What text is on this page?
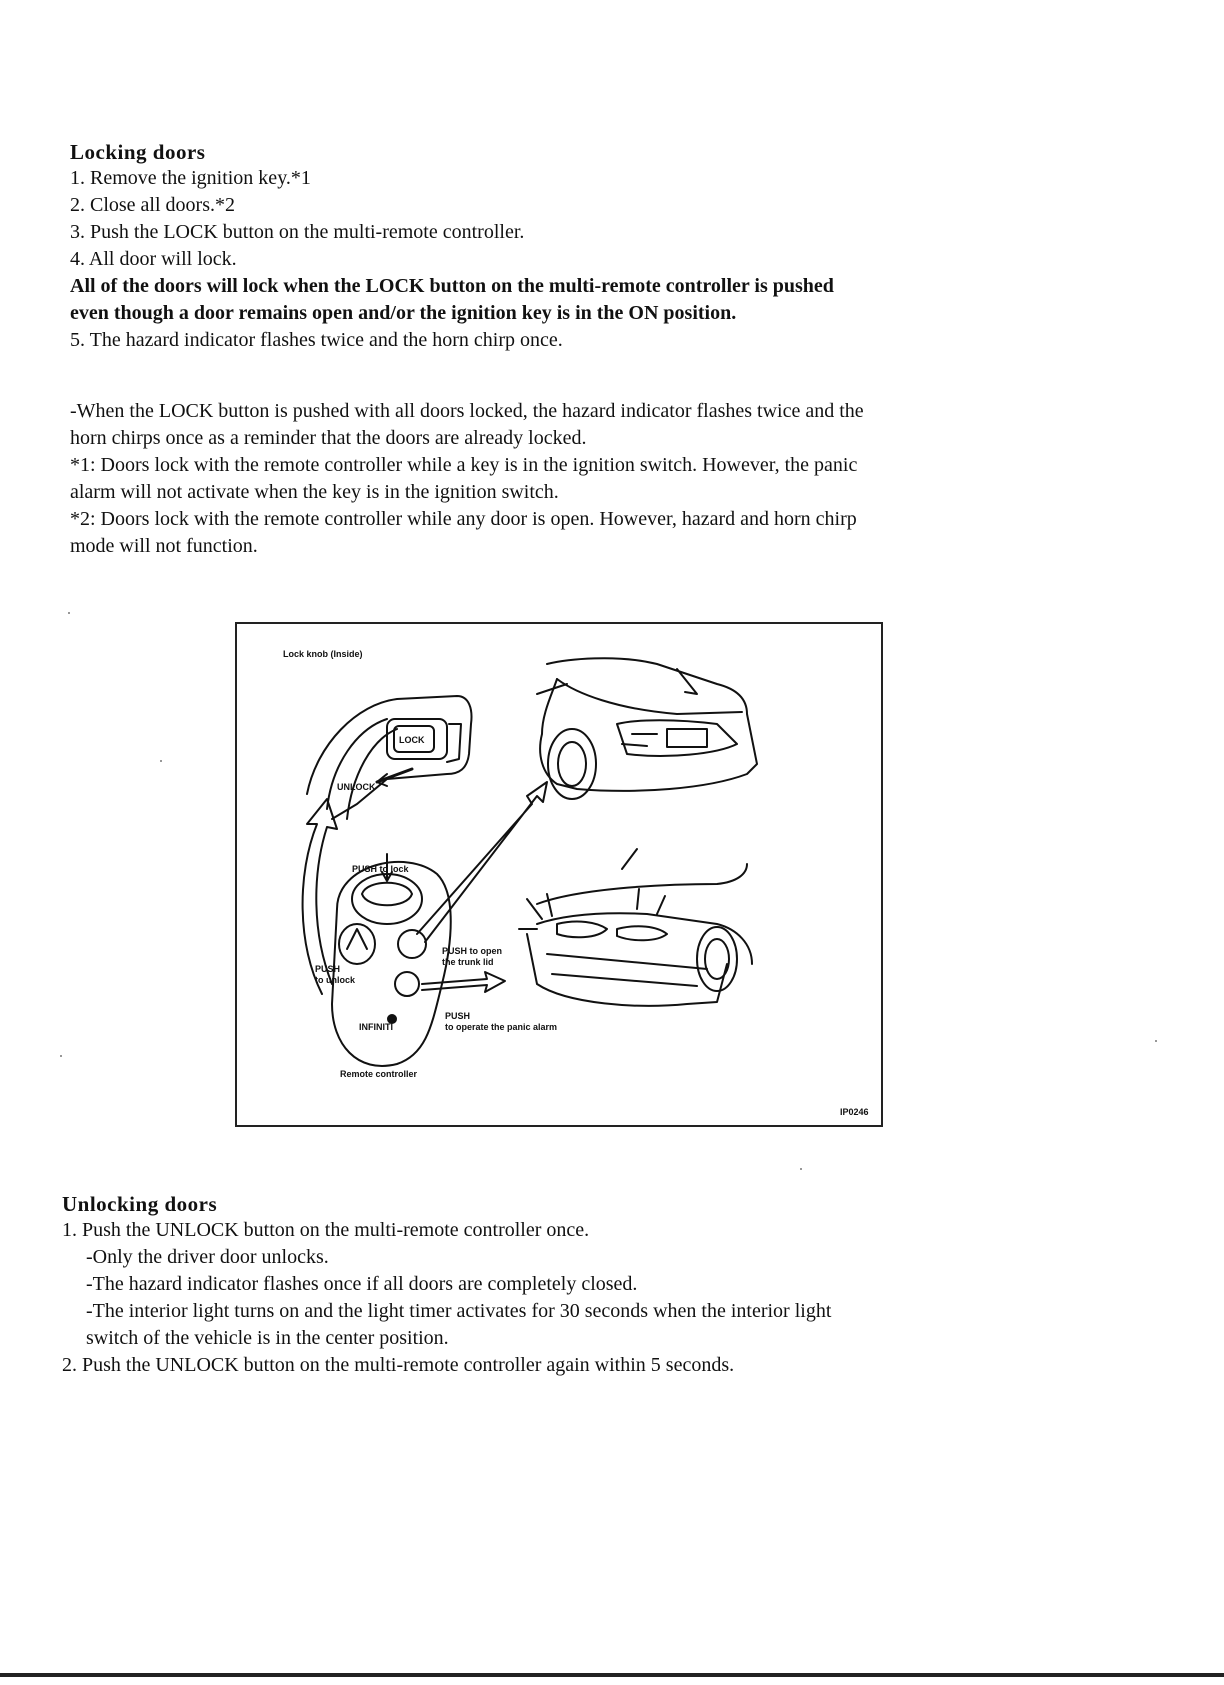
Locking doors

1. Remove the ignition key.*1

2. Close all doors.*2

3. Push the LOCK button on the multi-remote controller.

4. All door will lock.

All of the doors will lock when the LOCK button on the multi-remote controller is pushed

even though a door remains open and/or the ignition key is in the ON position.

5. The hazard indicator flashes twice and the horn chirp once.

-When the LOCK button is pushed with all doors locked, the hazard indicator flashes twice and the

horn chirps once as a reminder that the doors are already locked.

*1: Doors lock with the remote controller while a key is in the ignition switch. However, the panic

alarm will not activate when the key is in the ignition switch.

*2: Doors lock with the remote controller while any door is open. However, hazard and horn chirp

mode will not function.

Lock knob (Inside)
LOCK
UNLOCK
PUSH to lock
PUSH
to unlock
PUSH to open
the trunk lid
INFINITI
PUSH
to operate the panic alarm
Remote controller
IP0246
Unlocking doors

1. Push the UNLOCK button on the multi-remote controller once.

-Only the driver door unlocks.

-The hazard indicator flashes once if all doors are completely closed.

-The interior light turns on and the light timer activates for 30 seconds when the interior light

switch of the vehicle is in the center position.

2. Push the UNLOCK button on the multi-remote controller again within 5 seconds.
